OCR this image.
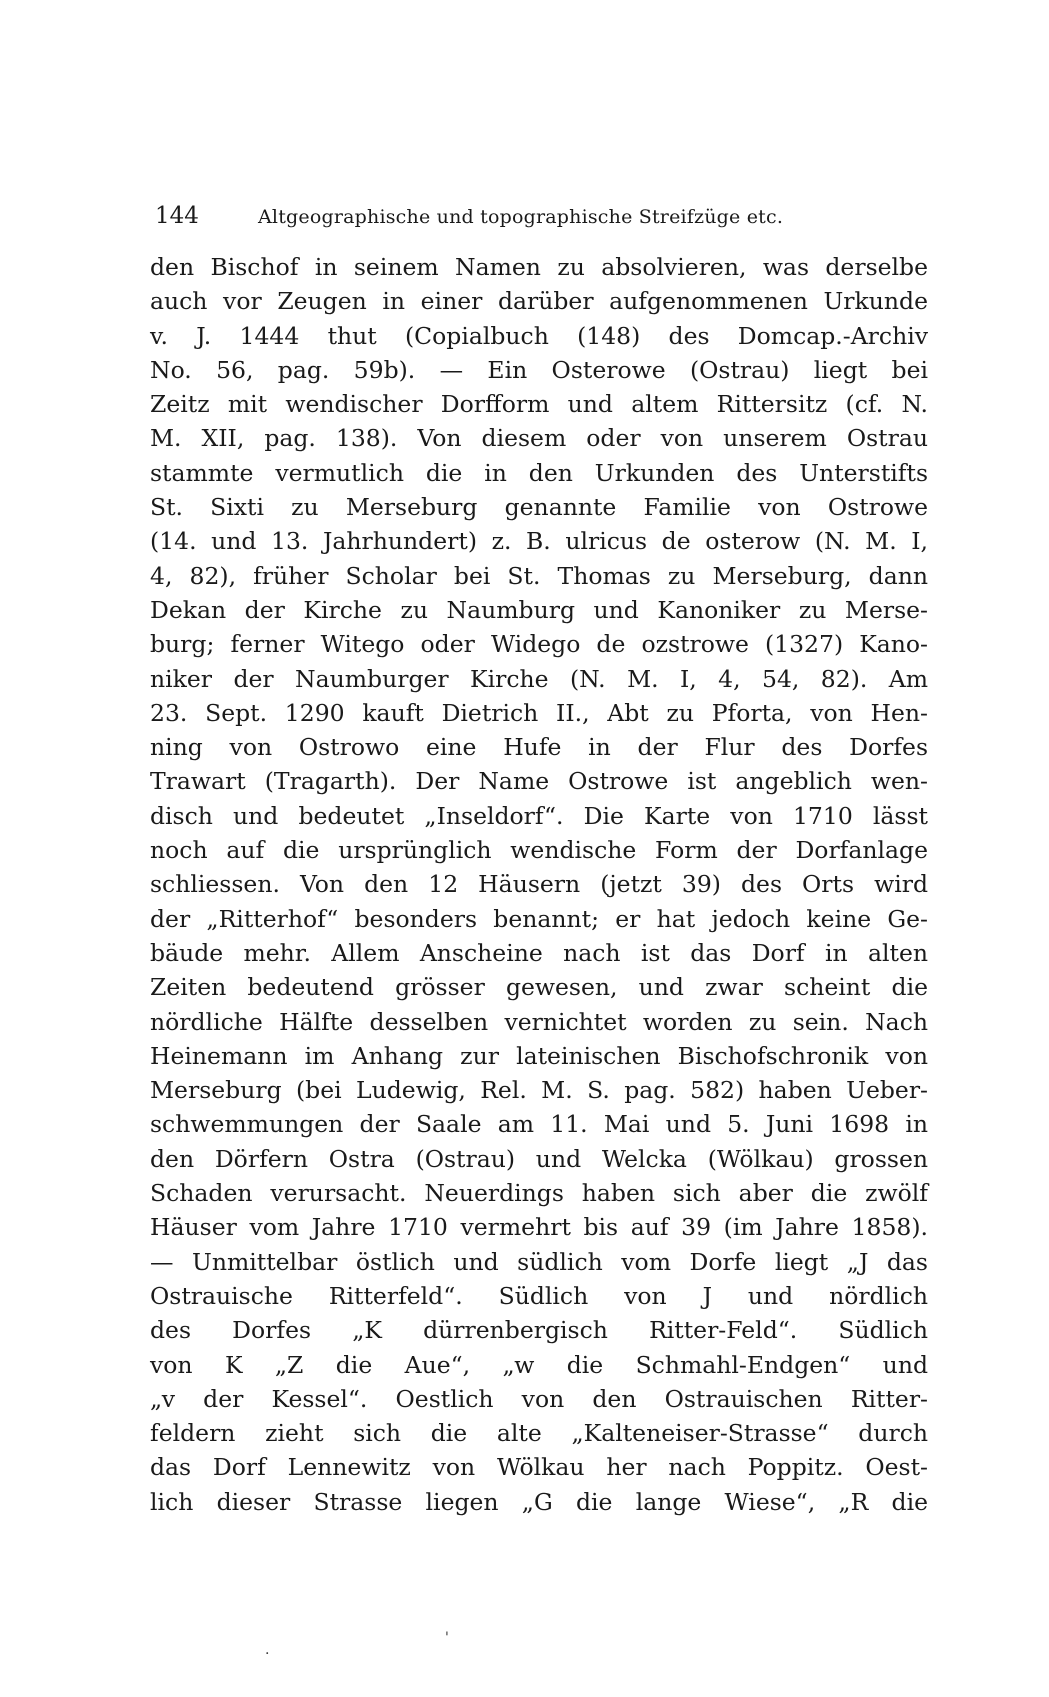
144	Altgeographische und topographische Streifzüge etc.
den Bischof in seinem Namen zu absolvieren, was derselbe
auch vor Zeugen in einer darüber aufgenommenen Urkunde
v. J. 1444 thut (Copialbuch (148) des Domcap.-Archiv
No. 56, pag. 59b). — Ein Osterowe (Ostrau) liegt bei
Zeitz mit wendischer Dorfform und altem Rittersitz (cf. N.
M. XII, pag. 138). Von diesem oder von unserem Ostrau
stammte vermutlich die in den Urkunden des Unterstifts
St. Sixti zu Merseburg genannte Familie von Ostrowe
(14. und 13. Jahrhundert) z. B. ulricus de osterow (N. M. I,
4, 82), früher Scholar bei St. Thomas zu Merseburg, dann
Dekan der Kirche zu Naumburg und Kanoniker zu Merse-
burg; ferner Witego oder Widego de ozstrowe (1327) Kano-
niker der Naumburger Kirche (N. M. I, 4, 54, 82). Am
23. Sept. 1290 kauft Dietrich II., Abt zu Pforta, von Hen-
ning von Ostrowo eine Hufe in der Flur des Dorfes
Trawart (Tragarth). Der Name Ostrowe ist angeblich wen-
disch und bedeutet „Inseldorf“. Die Karte von 1710 lässt
noch auf die ursprünglich wendische Form der Dorfanlage
schliessen. Von den 12 Häusern (jetzt 39) des Orts wird
der „Ritterhof“ besonders benannt; er hat jedoch keine Ge-
bäude mehr. Allem Anscheine nach ist das Dorf in alten
Zeiten bedeutend grösser gewesen, und zwar scheint die
nördliche Hälfte desselben vernichtet worden zu sein. Nach
Heinemann im Anhang zur lateinischen Bischofschronik von
Merseburg (bei Ludewig, Rel. M. S. pag. 582) haben Ueber-
schwemmungen der Saale am 11. Mai und 5. Juni 1698 in
den Dörfern Ostra (Ostrau) und Welcka (Wölkau) grossen
Schaden verursacht. Neuerdings haben sich aber die zwölf
Häuser vom Jahre 1710 vermehrt bis auf 39 (im Jahre 1858).
— Unmittelbar östlich und südlich vom Dorfe liegt „J das
Ostrauische Ritterfeld“. Südlich von J und nördlich
des Dorfes „K dürrenbergisch Ritter-Feld“. Südlich
von K „Z die Aue“, „w die Schmahl-Endgen“ und
„v der Kessel“. Oestlich von den Ostrauischen Ritter-
feldern zieht sich die alte „Kalteneiser-Strasse“ durch
das Dorf Lennewitz von Wölkau her nach Poppitz. Oest-
lich dieser Strasse liegen „G die lange Wiese“, „R die
.
'
